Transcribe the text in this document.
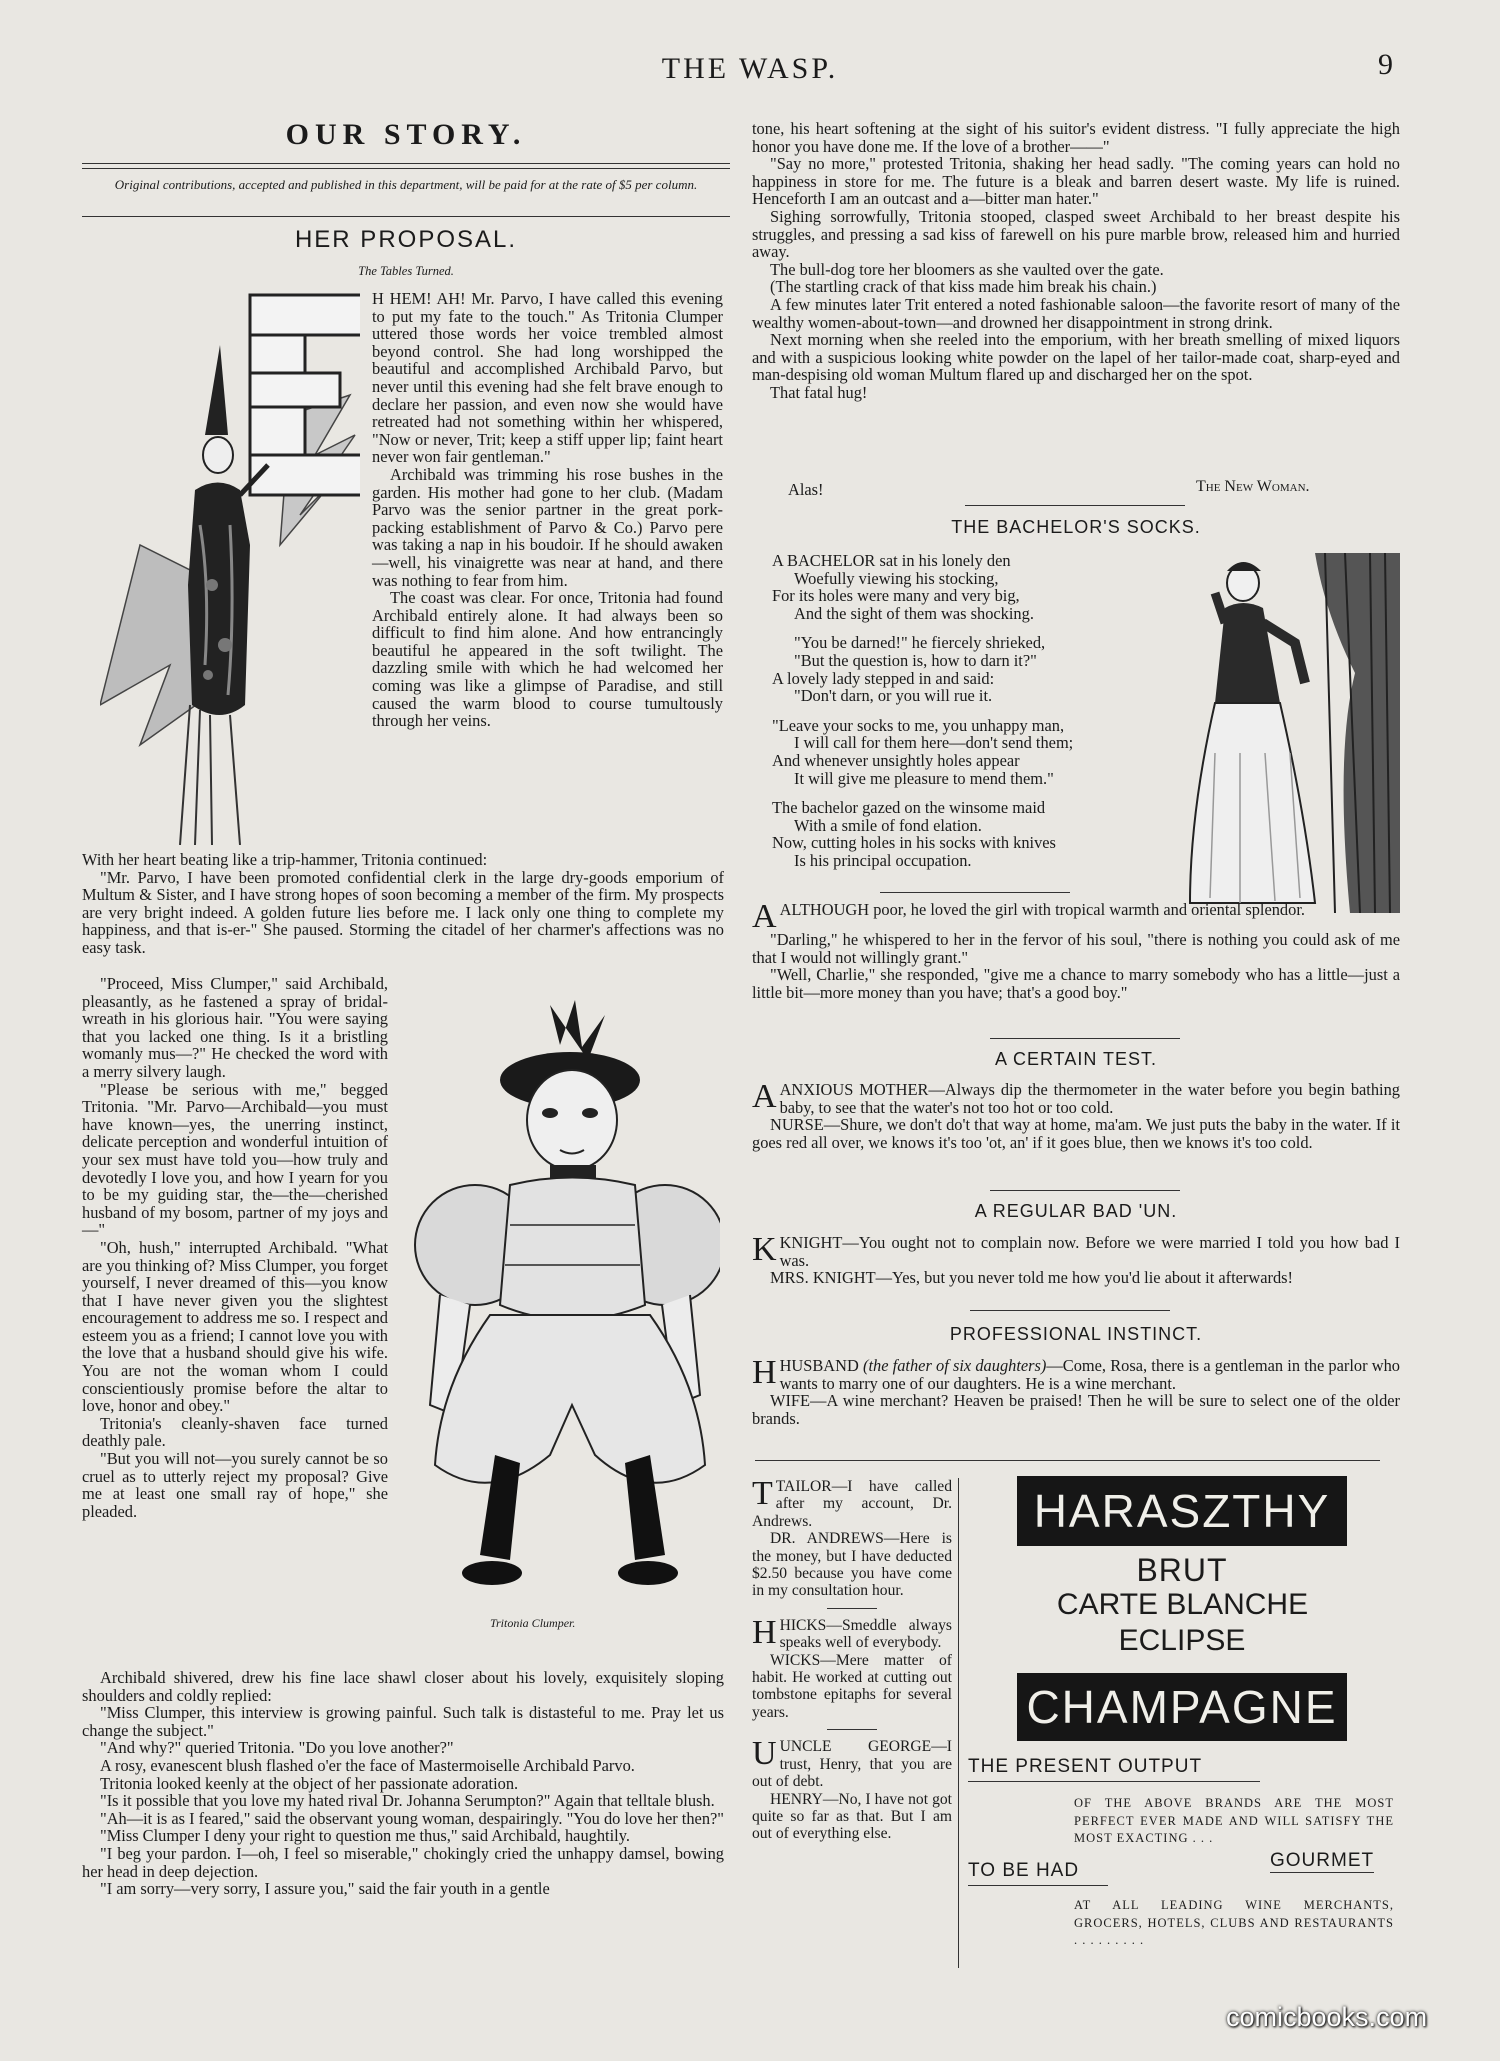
THE WASP.	9
OUR STORY.
Original contributions, accepted and published in this department, will be paid for at the rate of $5 per column.
HER PROPOSAL.
The Tables Turned.

H HEM! AH! Mr. Parvo, I have called this evening to put my fate to the touch." As Tritonia Clumper uttered those words her voice trembled almost beyond control. She had long worshipped the beautiful and accomplished Archibald Parvo, but never until this evening had she felt brave enough to declare her passion, and even now she would have retreated had not something within her whispered, "Now or never, Trit; keep a stiff upper lip; faint heart never won fair gentleman."

Archibald was trimming his rose bushes in the garden. His mother had gone to her club. (Madam Parvo was the senior partner in the great pork-packing establishment of Parvo & Co.) Parvo pere was taking a nap in his boudoir. If he should awaken—well, his vinaigrette was near at hand, and there was nothing to fear from him.

The coast was clear. For once, Tritonia had found Archibald entirely alone. It had always been so difficult to find him alone. And how entrancingly beautiful he appeared in the soft twilight. The dazzling smile with which he had welcomed her coming was like a glimpse of Paradise, and still caused the warm blood to course tumultously through her veins.

With her heart beating like a trip-hammer, Tritonia continued:

"Mr. Parvo, I have been promoted confidential clerk in the large dry-goods emporium of Multum & Sister, and I have strong hopes of soon becoming a member of the firm. My prospects are very bright indeed. A golden future lies before me. I lack only one thing to complete my happiness, and that is-er-" She paused. Storming the citadel of her charmer's affections was no easy task.

"Proceed, Miss Clumper," said Archibald, pleasantly, as he fastened a spray of bridal-wreath in his glorious hair. "You were saying that you lacked one thing. Is it a bristling womanly mus—?" He checked the word with a merry silvery laugh.

"Please be serious with me," begged Tritonia. "Mr. Parvo—Archibald—you must have known—yes, the unerring instinct, delicate perception and wonderful intuition of your sex must have told you—how truly and devotedly I love you, and how I yearn for you to be my guiding star, the—the—cherished husband of my bosom, partner of my joys and—"

"Oh, hush," interrupted Archibald. "What are you thinking of? Miss Clumper, you forget yourself, I never dreamed of this—you know that I have never given you the slightest encouragement to address me so. I respect and esteem you as a friend; I cannot love you with the love that a husband should give his wife. You are not the woman whom I could conscientiously promise before the altar to love, honor and obey."

Tritonia's cleanly-shaven face turned deathly pale.

"But you will not—you surely cannot be so cruel as to utterly reject my proposal? Give me at least one small ray of hope," she pleaded.

Tritonia Clumper.

Archibald shivered, drew his fine lace shawl closer about his lovely, exquisitely sloping shoulders and coldly replied:

"Miss Clumper, this interview is growing painful. Such talk is distasteful to me. Pray let us change the subject."

"And why?" queried Tritonia. "Do you love another?"

A rosy, evanescent blush flashed o'er the face of Mastermoiselle Archibald Parvo.

Tritonia looked keenly at the object of her passionate adoration.

"Is it possible that you love my hated rival Dr. Johanna Serumpton?" Again that telltale blush.

"Ah—it is as I feared," said the observant young woman, despairingly. "You do love her then?"

"Miss Clumper I deny your right to question me thus," said Archibald, haughtily.

"I beg your pardon. I—oh, I feel so miserable," chokingly cried the unhappy damsel, bowing her head in deep dejection.

"I am sorry—very sorry, I assure you," said the fair youth in a gentle

tone, his heart softening at the sight of his suitor's evident distress. "I fully appreciate the high honor you have done me. If the love of a brother——"

"Say no more," protested Tritonia, shaking her head sadly. "The coming years can hold no happiness in store for me. The future is a bleak and barren desert waste. My life is ruined. Henceforth I am an outcast and a—bitter man hater."

Sighing sorrowfully, Tritonia stooped, clasped sweet Archibald to her breast despite his struggles, and pressing a sad kiss of farewell on his pure marble brow, released him and hurried away.

The bull-dog tore her bloomers as she vaulted over the gate.

(The startling crack of that kiss made him break his chain.)

A few minutes later Trit entered a noted fashionable saloon—the favorite resort of many of the wealthy women-about-town—and drowned her disappointment in strong drink.

Next morning when she reeled into the emporium, with her breath smelling of mixed liquors and with a suspicious looking white powder on the lapel of her tailor-made coat, sharp-eyed and man-despising old woman Multum flared up and discharged her on the spot.

That fatal hug!

Alas!	The New Woman.
THE BACHELOR'S SOCKS.

A BACHELOR sat in his lonely den

Woefully viewing his stocking,

For its holes were many and very big,

And the sight of them was shocking.

"You be darned!" he fiercely shrieked,

"But the question is, how to darn it?"

A lovely lady stepped in and said:

"Don't darn, or you will rue it.

"Leave your socks to me, you unhappy man,

I will call for them here—don't send them;

And whenever unsightly holes appear

It will give me pleasure to mend them."

The bachelor gazed on the winsome maid

With a smile of fond elation.

Now, cutting holes in his socks with knives

Is his principal occupation.

AALTHOUGH poor, he loved the girl with tropical warmth and oriental splendor.

"Darling," he whispered to her in the fervor of his soul, "there is nothing you could ask of me that I would not willingly grant."

"Well, Charlie," she responded, "give me a chance to marry somebody who has a little—just a little bit—more money than you have; that's a good boy."

A CERTAIN TEST.

AANXIOUS MOTHER—Always dip the thermometer in the water before you begin bathing baby, to see that the water's not too hot or too cold.

NURSE—Shure, we don't do't that way at home, ma'am. We just puts the baby in the water. If it goes red all over, we knows it's too 'ot, an' if it goes blue, then we knows it's too cold.

A REGULAR BAD 'UN.

KKNIGHT—You ought not to complain now. Before we were married I told you how bad I was.

MRS. KNIGHT—Yes, but you never told me how you'd lie about it afterwards!

PROFESSIONAL INSTINCT.

HHUSBAND (the father of six daughters)—Come, Rosa, there is a gentleman in the parlor who wants to marry one of our daughters. He is a wine merchant.

WIFE—A wine merchant? Heaven be praised! Then he will be sure to select one of the older brands.

TTAILOR—I have called after my account, Dr. Andrews.

DR. ANDREWS—Here is the money, but I have deducted $2.50 because you have come in my consultation hour.

HHICKS—Smeddle always speaks well of everybody.

WICKS—Mere matter of habit. He worked at cutting out tombstone epitaphs for several years.

UUNCLE GEORGE—I trust, Henry, that you are out of debt.

HENRY—No, I have not got quite so far as that. But I am out of everything else.

HARASZTHY
BRUT
CARTE BLANCHE
ECLIPSE
CHAMPAGNE
THE PRESENT OUTPUT
OF THE ABOVE BRANDS ARE THE MOST PERFECT EVER MADE AND WILL SATISFY THE MOST EXACTING . . .
TO BE HAD	GOURMET
AT ALL LEADING WINE MERCHANTS, GROCERS, HOTELS, CLUBS AND RESTAURANTS . . . . . . . . .
comicbooks.com
